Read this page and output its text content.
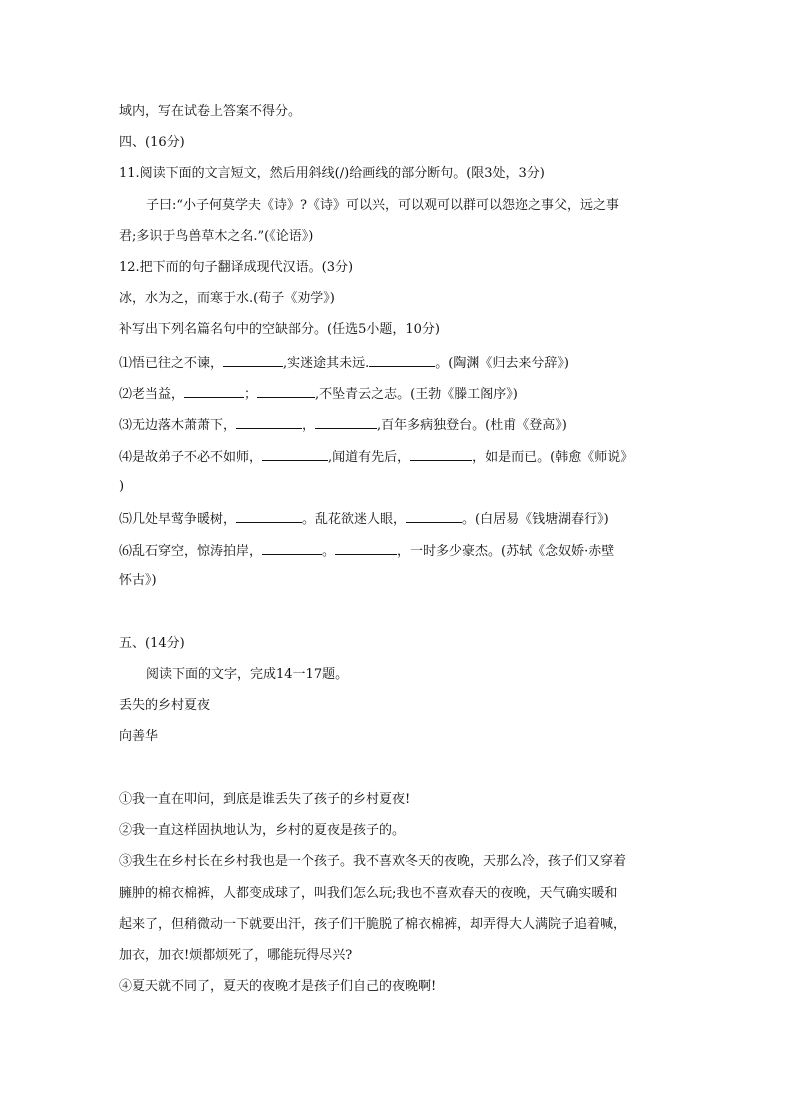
域内，写在试卷上答案不得分。

四、(16分)

11.阅读下面的文言短文，然后用斜线(/)给画线的部分断句。(限3处，3分)

子曰:“小子何莫学夫《诗》?《诗》可以兴，可以观可以群可以怨迩之事父，远之事

君;多识于鸟兽草木之名.”(《论语》)

12.把下而的句子翻译成现代汉语。(3分)

冰，水为之，而寒于水.(荀子《劝学》)

补写出下列名篇名句中的空缺部分。(任选5小题，10分)

⑴悟已往之不谏，	,实迷途其未远.	。(陶渊《归去来兮辞》)

⑵老当益，	；	,不坠青云之志。(王勃《滕工阁序》)

⑶无边落木萧萧下，	，	,百年多病独登台。(杜甫《登高》)

⑷是故弟子不必不如师，	,闻道有先后，	，如是而已。(韩愈《师说》

)

⑸几处早莺争暖树，	。乱花欲迷人眼，	。(白居易《钱塘湖春行》)

⑹乱石穿空，惊涛拍岸，	。	，一时多少豪杰。(苏轼《念奴娇·赤壁

怀古》)

五、(14分)

阅读下面的文字，完成14一17题。

丢失的乡村夏夜

向善华

①我一直在叩问，到底是谁丢失了孩子的乡村夏夜!

②我一直这样固执地认为，乡村的夏夜是孩子的。

③我生在乡村长在乡村我也是一个孩子。我不喜欢冬天的夜晚，天那么冷，孩子们又穿着

臃肿的棉衣棉裤，人都变成球了，叫我们怎么玩;我也不喜欢春天的夜晚，天气确实暖和

起来了，但稍微动一下就要出汗，孩子们干脆脱了棉衣棉裤，却弄得大人满院子追着喊，

加衣，加衣!烦都烦死了，哪能玩得尽兴?

④夏天就不同了，夏天的夜晚才是孩子们自己的夜晚啊!
